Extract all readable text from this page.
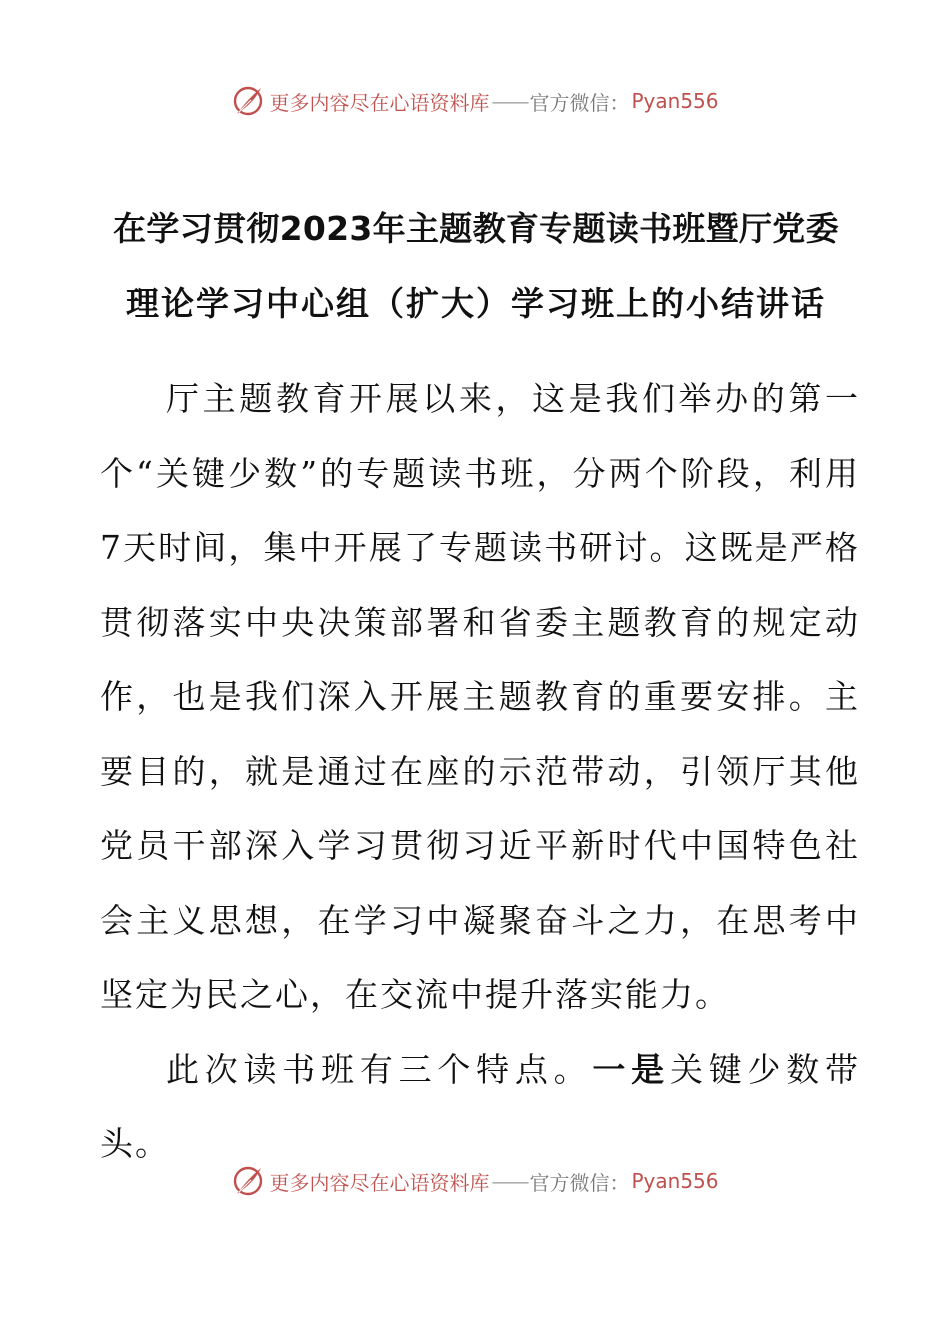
更多内容尽在心语资料库 —— 官方微信： Pyan556
在学习贯彻2023年主题教育专题读书班暨厅党委
理论学习中心组（扩大）学习班上的小结讲话

厅主题教育开展以来，这是我们举办的第一个“关键少数”的专题读书班，分两个阶段，利用7天时间，集中开展了专题读书研讨。这既是严格贯彻落实中央决策部署和省委主题教育的规定动作，也是我们深入开展主题教育的重要安排。主要目的，就是通过在座的示范带动，引领厅其他党员干部深入学习贯彻习近平新时代中国特色社会主义思想，在学习中凝聚奋斗之力，在思考中坚定为民之心，在交流中提升落实能力。

此次读书班有三个特点。一是关键少数带头。

更多内容尽在心语资料库 —— 官方微信： Pyan556
